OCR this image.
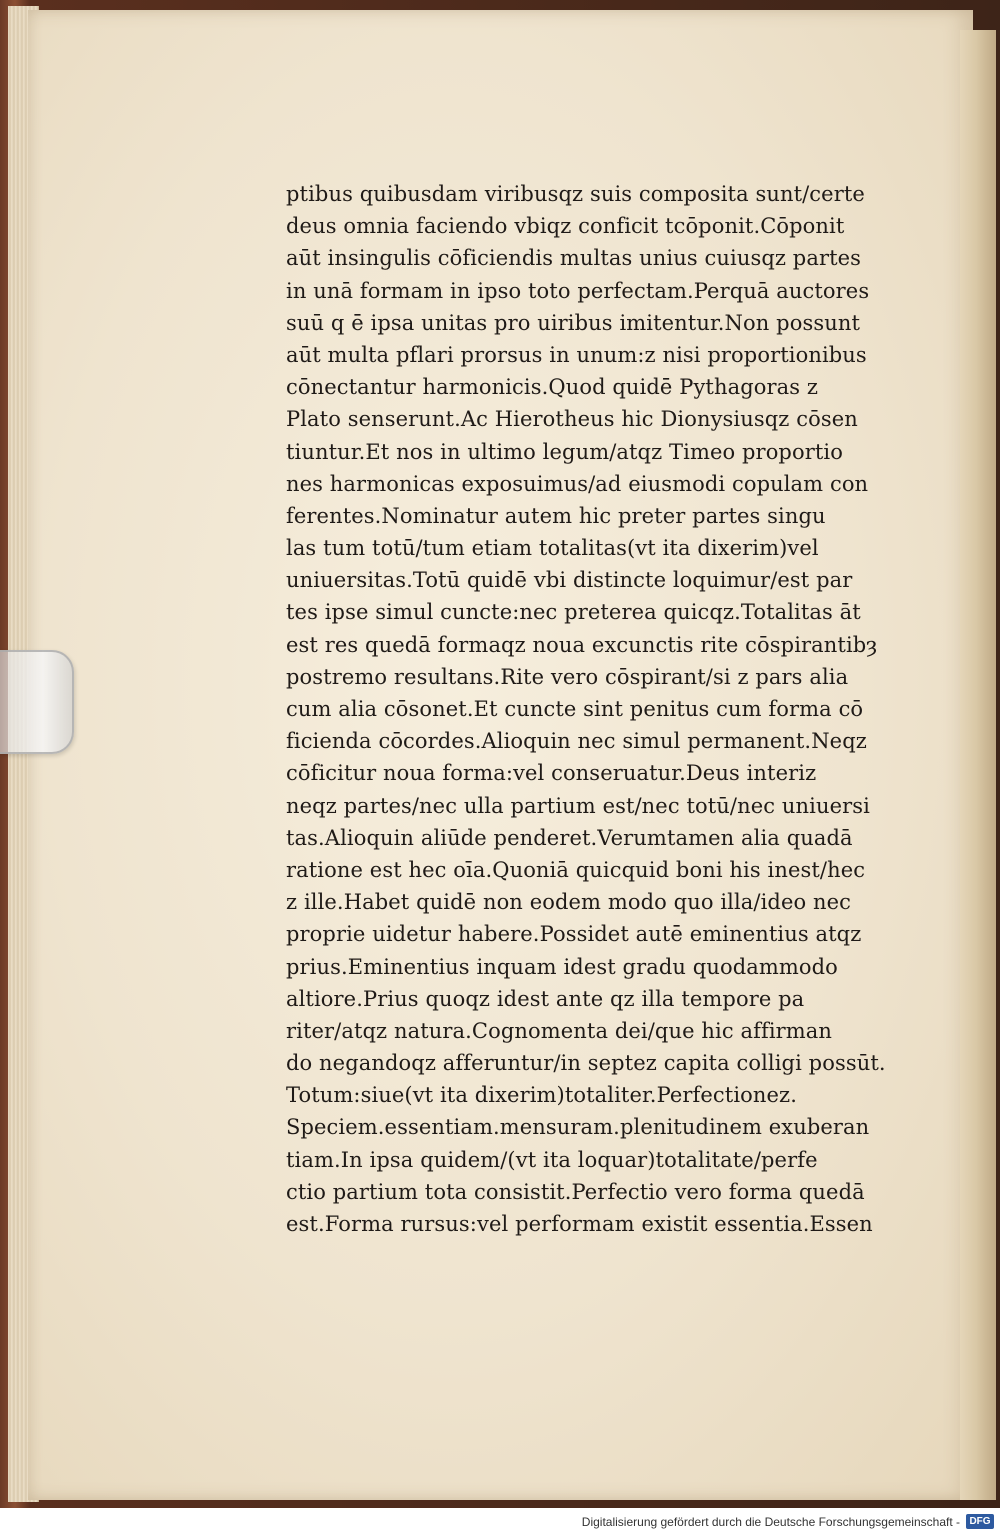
ptibus quibusdam viribusqz suis composita sunt/certe
deus omnia faciendo vbiqz conficit tcōponit.Cōponit
aūt insingulis cōficiendis multas unius cuiusqz partes
in unā formam in ipso toto perfectam.Perquā auctores
suū q ē ipsa unitas pro uiribus imitentur.Non possunt
aūt multa pflari prorsus in unum:z nisi proportionibus
cōnectantur harmonicis.Quod quidē Pythagoras z
Plato senserunt.Ac Hierotheus hic Dionysiusqz cōsen
tiuntur.Et nos in ultimo legum/atqz Timeo proportio
nes harmonicas exposuimus/ad eiusmodi copulam con
ferentes.Nominatur autem hic preter partes singu
las tum totū/tum etiam totalitas(vt ita dixerim)vel
uniuersitas.Totū quidē vbi distincte loquimur/est par
tes ipse simul cuncte:nec preterea quicqz.Totalitas āt
est res quedā formaqz noua excunctis rite cōspirantibȝ
postremo resultans.Rite vero cōspirant/si z pars alia
cum alia cōsonet.Et cuncte sint penitus cum forma cō
ficienda cōcordes.Alioquin nec simul permanent.Neqz
cōficitur noua forma:vel conseruatur.Deus interiz
neqz partes/nec ulla partium est/nec totū/nec uniuersi
tas.Alioquin aliūde penderet.Verumtamen alia quadā
ratione est hec oīa.Quoniā quicquid boni his inest/hec
z ille.Habet quidē non eodem modo quo illa/ideo nec
proprie uidetur habere.Possidet autē eminentius atqz
prius.Eminentius inquam idest gradu quodammodo
altiore.Prius quoqz idest ante qz illa tempore pa
riter/atqz natura.Cognomenta dei/que hic affirman
do negandoqz afferuntur/in septez capita colligi possūt.
Totum:siue(vt ita dixerim)totaliter.Perfectionez.
Speciem.essentiam.mensuram.plenitudinem exuberan
tiam.In ipsa quidem/(vt ita loquar)totalitate/perfe
ctio partium tota consistit.Perfectio vero forma quedā
est.Forma rursus:vel performam existit essentia.Essen
Digitalisierung gefördert durch die Deutsche Forschungsgemeinschaft - DFG
